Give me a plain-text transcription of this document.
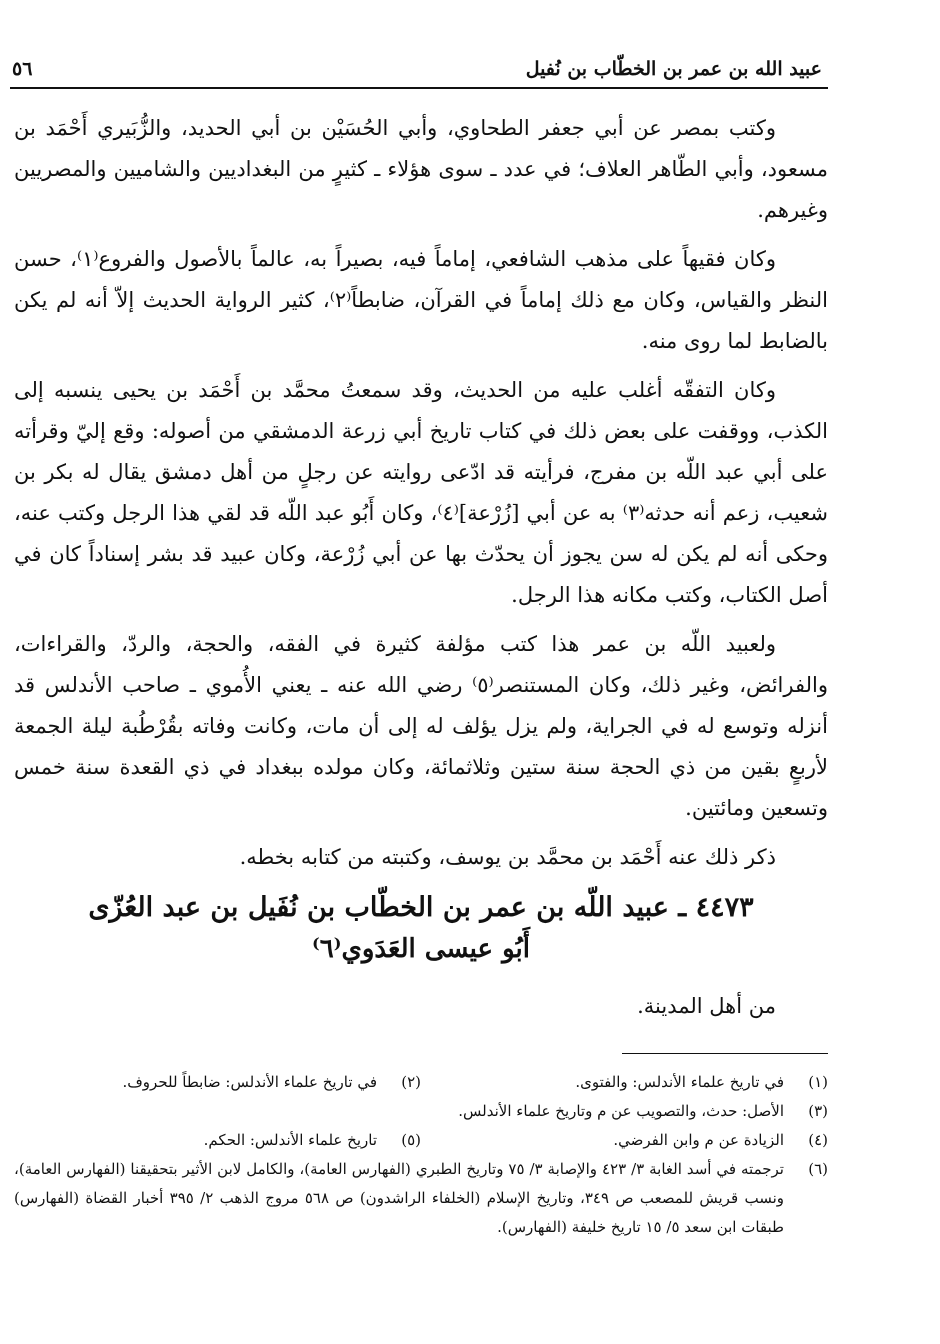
عبيد الله بن عمر بن الخطّاب بن نُفيل
٥٦

وكتب بمصر عن أبي جعفر الطحاوي، وأبي الحُسَيْن بن أبي الحديد، والزُّبَيري أَحْمَد بن مسعود، وأبي الطّاهر العلاف؛ في عدد ـ سوى هؤلاء ـ كثيرٍ من البغداديين والشاميين والمصريين وغيرهم.

وكان فقيهاً على مذهب الشافعي، إماماً فيه، بصيراً به، عالماً بالأصول والفروع⁽١⁾، حسن النظر والقياس، وكان مع ذلك إماماً في القرآن، ضابطاً⁽٢⁾، كثير الرواية الحديث إلاّ أنه لم يكن بالضابط لما روى منه.

وكان التفقّه أغلب عليه من الحديث، وقد سمعتُ محمَّد بن أَحْمَد بن يحيى ينسبه إلى الكذب، ووقفت على بعض ذلك في كتاب تاريخ أبي زرعة الدمشقي من أصوله: وقع إليّ وقرأته على أبي عبد اللّه بن مفرج، فرأيته قد ادّعى روايته عن رجلٍ من أهل دمشق يقال له بكر بن شعيب، زعم أنه حدثه⁽٣⁾ به عن أبي [زُرْعة]⁽٤⁾، وكان أَبُو عبد اللّه قد لقي هذا الرجل وكتب عنه، وحكى أنه لم يكن له سن يجوز أن يحدّث بها عن أبي زُرْعة، وكان عبيد قد بشر إسناداً كان في أصل الكتاب، وكتب مكانه هذا الرجل.

ولعبيد اللّه بن عمر هذا كتب مؤلفة كثيرة في الفقه، والحجة، والردّ، والقراءات، والفرائض، وغير ذلك، وكان المستنصر⁽٥⁾ رضي الله عنه ـ يعني الأُموي ـ صاحب الأندلس قد أنزله وتوسع له في الجراية، ولم يزل يؤلف له إلى أن مات، وكانت وفاته بقُرْطُبة ليلة الجمعة لأربعٍ بقين من ذي الحجة سنة ستين وثلاثمائة، وكان مولده ببغداد في ذي القعدة سنة خمس وتسعين ومائتين.

ذكر ذلك عنه أَحْمَد بن محمَّد بن يوسف، وكتبته من كتابه بخطه.

٤٤٧٣ ـ عبيد اللّه بن عمر بن الخطّاب بن نُفَيل بن عبد العُزّى
أَبُو عيسى العَدَوي⁽٦⁾
من أهل المدينة.
(١)
في تاريخ علماء الأندلس: والفتوى.
(٢)
في تاريخ علماء الأندلس: ضابطاً للحروف.
(٣)
الأصل: حدث، والتصويب عن م وتاريخ علماء الأندلس.
(٤)
الزيادة عن م وابن الفرضي.
(٥)
تاريخ علماء الأندلس: الحكم.
(٦)
ترجمته في أسد الغابة ٣/ ٤٢٣ والإصابة ٣/ ٧٥ وتاريخ الطبري (الفهارس العامة)، والكامل لابن الأثير بتحقيقنا (الفهارس العامة)، ونسب قريش للمصعب ص ٣٤٩، وتاريخ الإسلام (الخلفاء الراشدون) ص ٥٦٨ مروج الذهب ٢/ ٣٩٥ أخبار القضاة (الفهارس) طبقات ابن سعد ٥/ ١٥ تاريخ خليفة (الفهارس).
